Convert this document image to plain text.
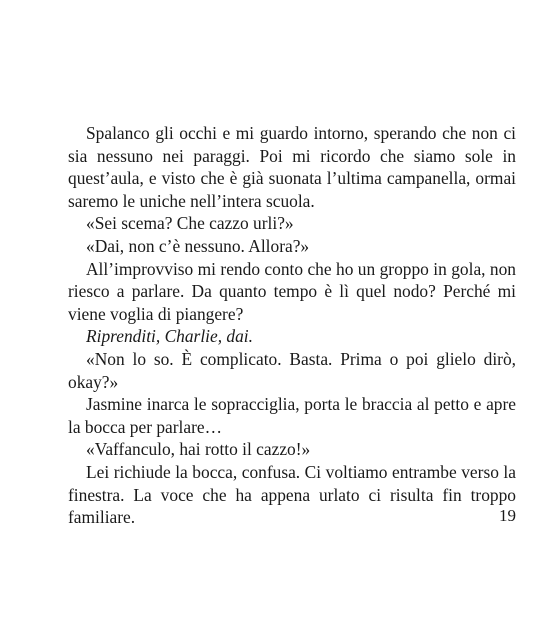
Spalanco gli occhi e mi guardo intorno, sperando che non ci sia nessuno nei paraggi. Poi mi ricordo che siamo sole in quest’aula, e visto che è già suonata l’ultima campanella, ormai saremo le uniche nell’intera scuola.

«Sei scema? Che cazzo urli?»

«Dai, non c’è nessuno. Allora?»

All’improvviso mi rendo conto che ho un groppo in gola, non riesco a parlare. Da quanto tempo è lì quel nodo? Perché mi viene voglia di piangere?

Riprenditi, Charlie, dai.

«Non lo so. È complicato. Basta. Prima o poi glielo dirò, okay?»

Jasmine inarca le sopracciglia, porta le braccia al petto e apre la bocca per parlare…

«Vaffanculo, hai rotto il cazzo!»

Lei richiude la bocca, confusa. Ci voltiamo entrambe verso la finestra. La voce che ha appena urlato ci risulta fin troppo familiare.	19
